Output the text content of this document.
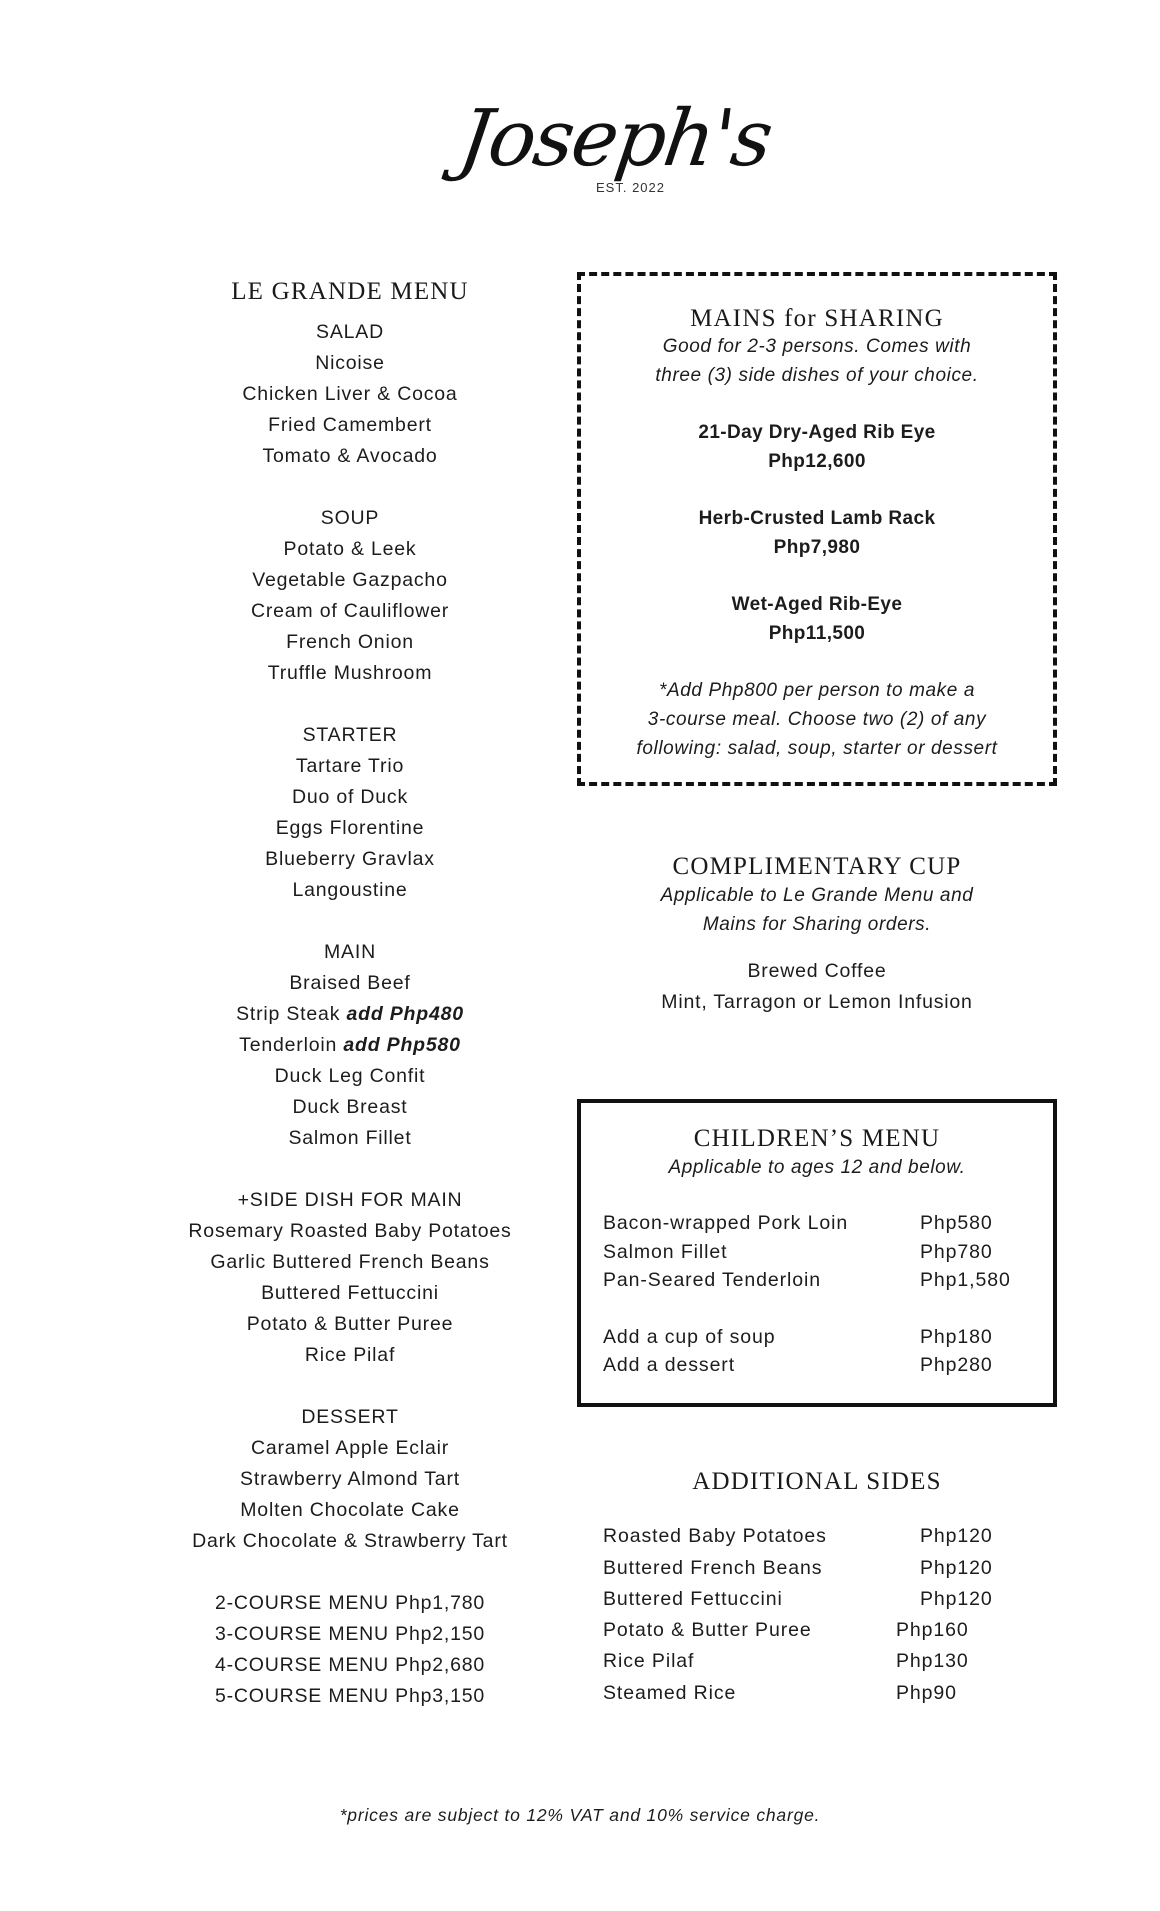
Joseph's
EST. 2022
LE GRANDE MENU
SALAD
Nicoise
Chicken Liver & Cocoa
Fried Camembert
Tomato & Avocado
SOUP
Potato & Leek
Vegetable Gazpacho
Cream of Cauliflower
French Onion
Truffle Mushroom
STARTER
Tartare Trio
Duo of Duck
Eggs Florentine
Blueberry Gravlax
Langoustine
MAIN
Braised Beef
Strip Steak add Php480
Tenderloin add Php580
Duck Leg Confit
Duck Breast
Salmon Fillet
+SIDE DISH FOR MAIN
Rosemary Roasted Baby Potatoes
Garlic Buttered French Beans
Buttered Fettuccini
Potato & Butter Puree
Rice Pilaf
DESSERT
Caramel Apple Eclair
Strawberry Almond Tart
Molten Chocolate Cake
Dark Chocolate & Strawberry Tart
2-COURSE MENU Php1,780
3-COURSE MENU Php2,150
4-COURSE MENU Php2,680
5-COURSE MENU Php3,150
MAINS for SHARING
Good for 2-3 persons. Comes with
three (3) side dishes of your choice.
21-Day Dry-Aged Rib Eye
Php12,600
Herb-Crusted Lamb Rack
Php7,980
Wet-Aged Rib-Eye
Php11,500
*Add Php800 per person to make a
3-course meal. Choose two (2) of any
following: salad, soup, starter or dessert
COMPLIMENTARY CUP
Applicable to Le Grande Menu and
Mains for Sharing orders.
Brewed Coffee
Mint, Tarragon or Lemon Infusion
CHILDREN’S MENU
Applicable to ages 12 and below.
Bacon-wrapped Pork Loin	Php580
Salmon Fillet	Php780
Pan-Seared Tenderloin	Php1,580
Add a cup of soup	Php180
Add a dessert	Php280
ADDITIONAL SIDES
Roasted Baby Potatoes	Php120
Buttered French Beans	Php120
Buttered Fettuccini	Php120
Potato & Butter Puree	Php160
Rice Pilaf	Php130
Steamed Rice	Php90
*prices are subject to 12% VAT and 10% service charge.
